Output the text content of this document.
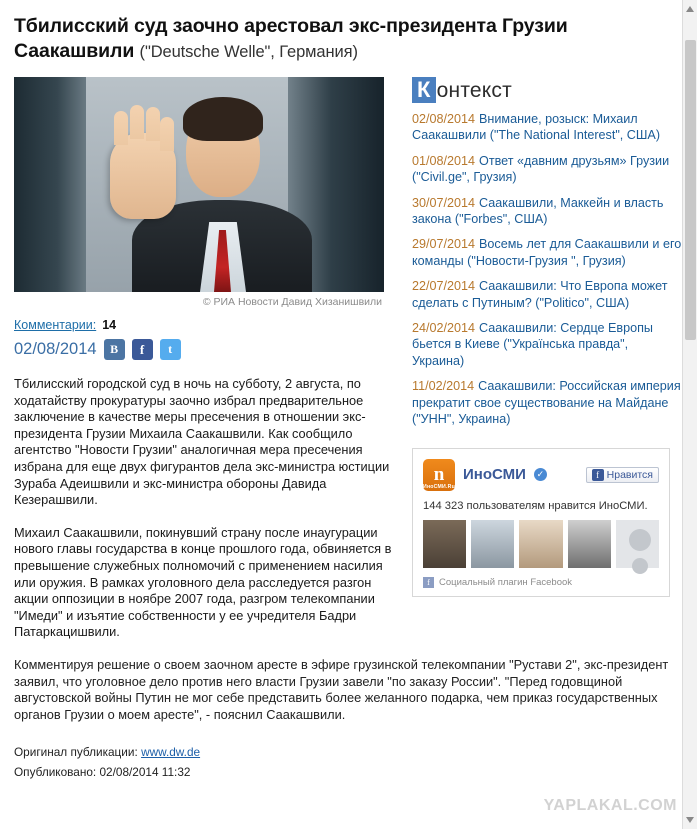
Тбилисский суд заочно арестовал экс-президента Грузии Саакашвили ("Deutsche Welle", Германия)
© РИА Новости Давид Хизанишвили
Комментарии: 14
02/08/2014	B	f	t

Тбилисский городской суд в ночь на субботу, 2 августа, по ходатайству прокуратуры заочно избрал предварительное заключение в качестве меры пресечения в отношении экс-президента Грузии Михаила Саакашвили. Как сообщило агентство "Новости Грузии" аналогичная мера пресечения избрана для еще двух фигурантов дела экс-министра юстиции Зураба Адеишвили и экс-министра обороны Давида Кезерашвили.

Михаил Саакашвили, покинувший страну после инаугурации нового главы государства в конце прошлого года, обвиняется в превышение служебных полномочий с применением насилия или оружия. В рамках уголовного дела расследуется разгон акции оппозиции в ноябре 2007 года, разгром телекомпании "Имеди" и изъятие собственности у ее учредителя Бадри Патаркацишвили.

К онтекст
02/08/2014 Внимание, розыск: Михаил Саакашвили ("The National Interest", США)
01/08/2014 Ответ «давним друзьям» Грузии ("Civil.ge", Грузия)
30/07/2014 Саакашвили, Маккейн и власть закона ("Forbes", США)
29/07/2014 Восемь лет для Саакашвили и его команды ("Новости-Грузия ", Грузия)
22/07/2014 Саакашвили: Что Европа может сделать с Путиным? ("Politico", США)
24/02/2014 Саакашвили: Сердце Европы бьется в Киеве ("Українська правда", Украина)
11/02/2014 Саакашвили: Российская империя прекратит свое существование на Майдане ("УНН", Украина)
n
ИноСМИ.Ru
ИноСМИ	✓	f Нравится
144 323 пользователям нравится ИноСМИ.
f Социальный плагин Facebook

Комментируя решение о своем заочном аресте в эфире грузинской телекомпании "Рустави 2", экс-президент заявил, что уголовное дело против него власти Грузии завели "по заказу России". "Перед годовщиной августовской войны Путин не мог себе представить более желанного подарка, чем приказ государственных органов Грузии о моем аресте", - пояснил Саакашвили.

Оригинал публикации: www.dw.de
Опубликовано: 02/08/2014 11:32
YAPLAKAL.COM
